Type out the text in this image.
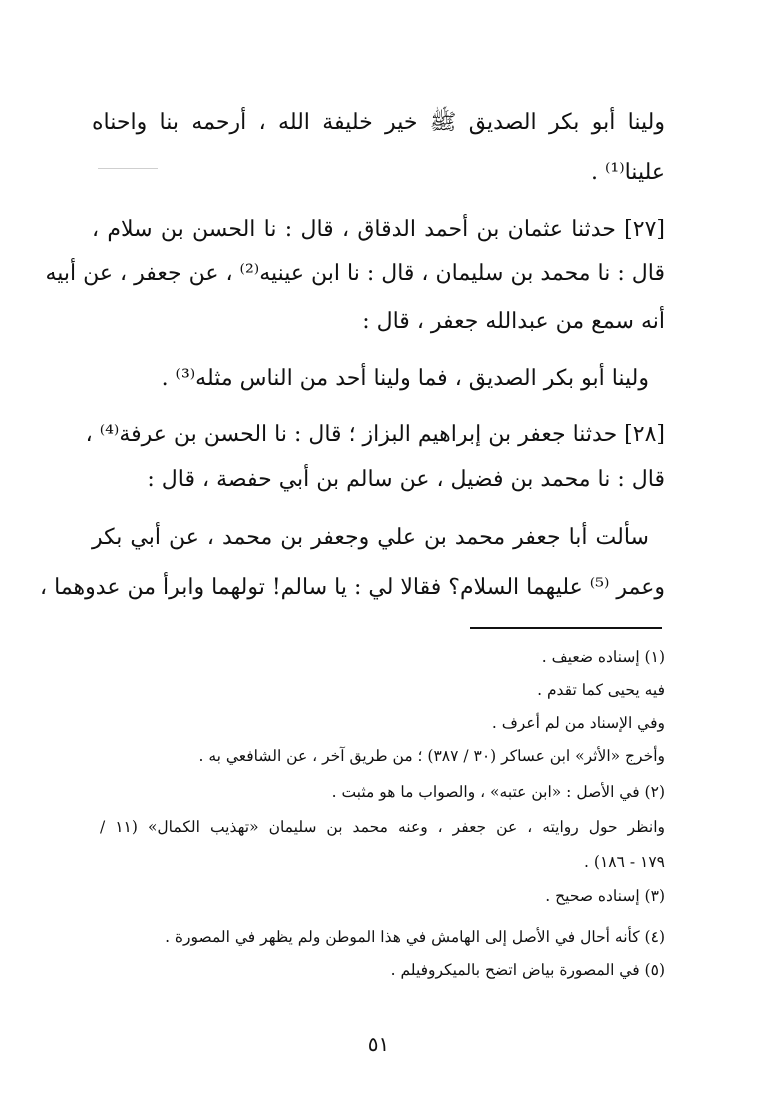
ولينا أبو بكر الصديق ﷺ خير خليفة الله ، أرحمه بنا واحناه
علينا⁽¹⁾ .
[٢٧] حدثنا عثمان بن أحمد الدقاق ، قال : نا الحسن بن سلام ،
قال : نا محمد بن سليمان ، قال : نا ابن عينيه⁽²⁾ ، عن جعفر ، عن أبيه
أنه سمع من عبدالله جعفر ، قال :
ولينا أبو بكر الصديق ، فما ولينا أحد من الناس مثله⁽³⁾ .
[٢٨] حدثنا جعفر بن إبراهيم البزاز ؛ قال : نا الحسن بن عرفة⁽⁴⁾ ،
قال : نا محمد بن فضيل ، عن سالم بن أبي حفصة ، قال :
سألت أبا جعفر محمد بن علي وجعفر بن محمد ، عن أبي بكر
وعمر ⁽⁵⁾ عليهما السلام؟ فقالا لي : يا سالم! تولهما وابرأ من عدوهما ،
(١) إسناده ضعيف .
فيه يحيى كما تقدم .
وفي الإسناد من لم أعرف .
وأخرج «الأثر» ابن عساكر (٣٠ / ٣٨٧) ؛ من طريق آخر ، عن الشافعي به .
(٢) في الأصل : «ابن عتبه» ، والصواب ما هو مثبت .
وانظر حول روايته ، عن جعفر ، وعنه محمد بن سليمان «تهذيب الكمال» (١١ /
١٧٩ - ١٨٦) .
(٣) إسناده صحيح .
(٤) كأنه أحال في الأصل إلى الهامش في هذا الموطن ولم يظهر في المصورة .
(٥) في المصورة بياض اتضح بالميكروفيلم .
٥١
